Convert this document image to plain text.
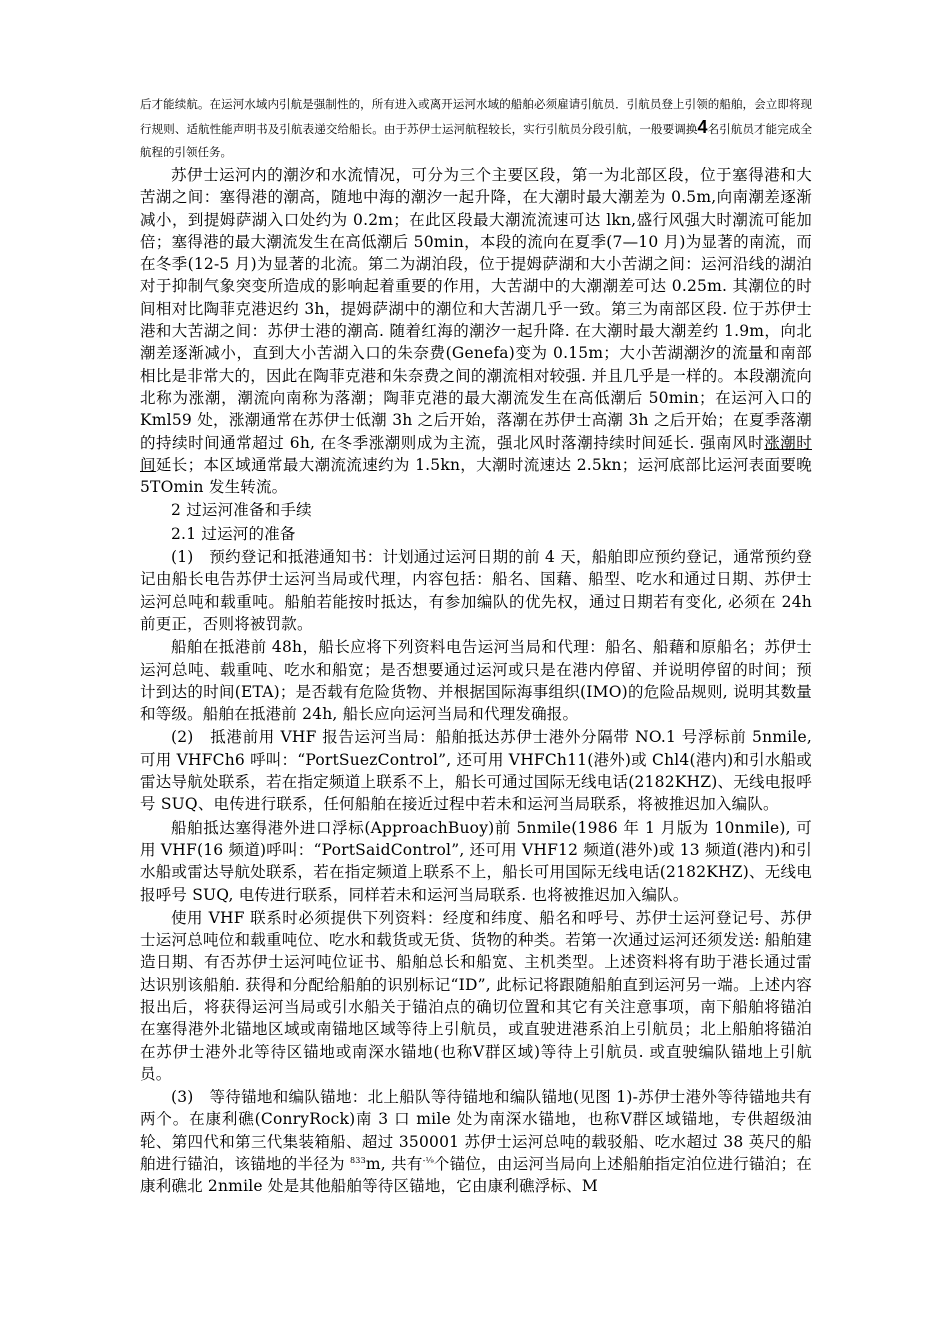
后才能续航。在运河水域内引航是强制性的，所有进入或离开运河水域的船舶必须雇请引航员．引航员登上引领的船舶，会立即将现行规则、适航性能声明书及引航表递交给船长。由于苏伊士运河航程较长，实行引航员分段引航，一般要调换4名引航员才能完成全航程的引领任务。

苏伊士运河内的潮汐和水流情况，可分为三个主要区段，第一为北部区段，位于塞得港和大苦湖之间：塞得港的潮高，随地中海的潮汐一起升降，在大潮时最大潮差为 0.5m,向南潮差逐渐减小，到提姆萨湖入口处约为 0.2m；在此区段最大潮流流速可达 lkn,盛行风强大时潮流可能加倍；塞得港的最大潮流发生在高低潮后 50min，本段的流向在夏季(7—10 月)为显著的南流，而在冬季(12-5 月)为显著的北流。第二为湖泊段，位于提姆萨湖和大小苦湖之间：运河沿线的湖泊对于抑制气象突变所造成的影响起着重要的作用，大苦湖中的大潮潮差可达 0.25m. 其潮位的时间相对比陶菲克港迟约 3h，提姆萨湖中的潮位和大苦湖几乎一致。第三为南部区段. 位于苏伊士港和大苦湖之间：苏伊士港的潮高. 随着红海的潮汐一起升降. 在大潮时最大潮差约 1.9m，向北潮差逐渐减小，直到大小苦湖入口的朱奈费(Genefa)变为 0.15m；大小苦湖潮汐的流量和南部相比是非常大的，因此在陶菲克港和朱奈费之间的潮流相对较强. 并且几乎是一样的。本段潮流向北称为涨潮，潮流向南称为落潮；陶菲克港的最大潮流发生在高低潮后 50min；在运河入口的 Kml59 处，涨潮通常在苏伊士低潮 3h 之后开始，落潮在苏伊士高潮 3h 之后开始；在夏季落潮的持续时间通常超过 6h, 在冬季涨潮则成为主流，强北风时落潮持续时间延长. 强南风时涨潮时间延长；本区域通常最大潮流流速约为 1.5kn，大潮时流速达 2.5kn；运河底部比运河表面要晚 5TOmin 发生转流。

2 过运河准备和手续

2.1 过运河的准备

(1)　预约登记和抵港通知书：计划通过运河日期的前 4 天，船舶即应预约登记，通常预约登记由船长电告苏伊士运河当局或代理，内容包括：船名、国藉、船型、吃水和通过日期、苏伊士运河总吨和载重吨。船舶若能按时抵达，有参加编队的优先权，通过日期若有变化, 必须在 24h 前更正，否则将被罚款。

船舶在抵港前 48h，船长应将下列资料电告运河当局和代理：船名、船藉和原船名；苏伊士运河总吨、载重吨、吃水和船宽；是否想要通过运河或只是在港内停留、并说明停留的时间；预计到达的时间(ETA)；是否载有危险货物、并根据国际海事组织(IMO)的危险品规则, 说明其数量和等级。船舶在抵港前 24h, 船长应向运河当局和代理发确报。

(2)　抵港前用 VHF 报告运河当局：船舶抵达苏伊士港外分隔带 NO.1 号浮标前 5nmile, 可用 VHFCh6 呼叫：“PortSuezControl”, 还可用 VHFCh11(港外)或 Chl4(港内)和引水船或雷达导航处联系，若在指定频道上联系不上，船长可通过国际无线电话(2182KHZ)、无线电报呼号 SUQ、电传进行联系，任何船舶在接近过程中若未和运河当局联系，将被推迟加入编队。

船舶抵达塞得港外进口浮标(ApproachBuoy)前 5nmile(1986 年 1 月版为 10nmile), 可用 VHF(16 频道)呼叫：“PortSaidControl”, 还可用 VHF12 频道(港外)或 13 频道(港内)和引水船或雷达导航处联系，若在指定频道上联系不上，船长可用国际无线电话(2182KHZ)、无线电报呼号 SUQ, 电传进行联系，同样若未和运河当局联系. 也将被推迟加入编队。

使用 VHF 联系时必须提供下列资料：经度和纬度、船名和呼号、苏伊士运河登记号、苏伊士运河总吨位和载重吨位、吃水和载货或无货、货物的种类。若第一次通过运河还须发送: 船舶建造日期、有否苏伊士运河吨位证书、船舶总长和船宽、主机类型。上述资料将有助于港长通过雷达识别该船舶. 获得和分配给船舶的识别标记“ID”, 此标记将跟随船舶直到运河另一端。上述内容报出后，将获得运河当局或引水船关于锚泊点的确切位置和其它有关注意事项，南下船舶将锚泊在塞得港外北锚地区域或南锚地区域等待上引航员，或直驶进港系泊上引航员；北上船舶将锚泊在苏伊士港外北等待区锚地或南深水锚地(也称Ⅴ群区域)等待上引航员. 或直驶编队锚地上引航员。

(3)　等待锚地和编队锚地：北上船队等待锚地和编队锚地(见图 1)-苏伊士港外等待锚地共有两个。在康利礁(ConryRock)南 3 口 mile 处为南深水锚地，也称Ⅴ群区域锚地，专供超级油轮、第四代和第三代集装箱船、超过 350001 苏伊士运河总吨的载驳船、吃水超过 38 英尺的船舶进行锚泊，该锚地的半径为 $^{833}$m, 共有$^{-^1⁄_9}$个锚位，由运河当局向上述船舶指定泊位进行锚泊；在康利礁北 2nmile 处是其他船舶等待区锚地，它由康利礁浮标、M
